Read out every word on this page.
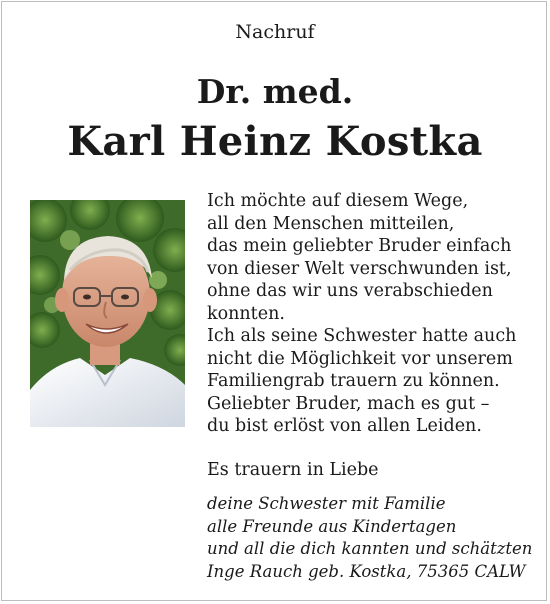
Nachruf
Dr. med.
Karl Heinz Kostka
Ich möchte auf diesem Wege,
all den Menschen mitteilen,
das mein geliebter Bruder einfach
von dieser Welt verschwunden ist,
ohne das wir uns verabschieden
konnten.
Ich als seine Schwester hatte auch
nicht die Möglichkeit vor unserem
Familiengrab trauern zu können.
Geliebter Bruder, mach es gut –
du bist erlöst von allen Leiden.
Es trauern in Liebe
deine Schwester mit Familie
alle Freunde aus Kindertagen
und all die dich kannten und schätzten
Inge Rauch geb. Kostka, 75365 CALW
